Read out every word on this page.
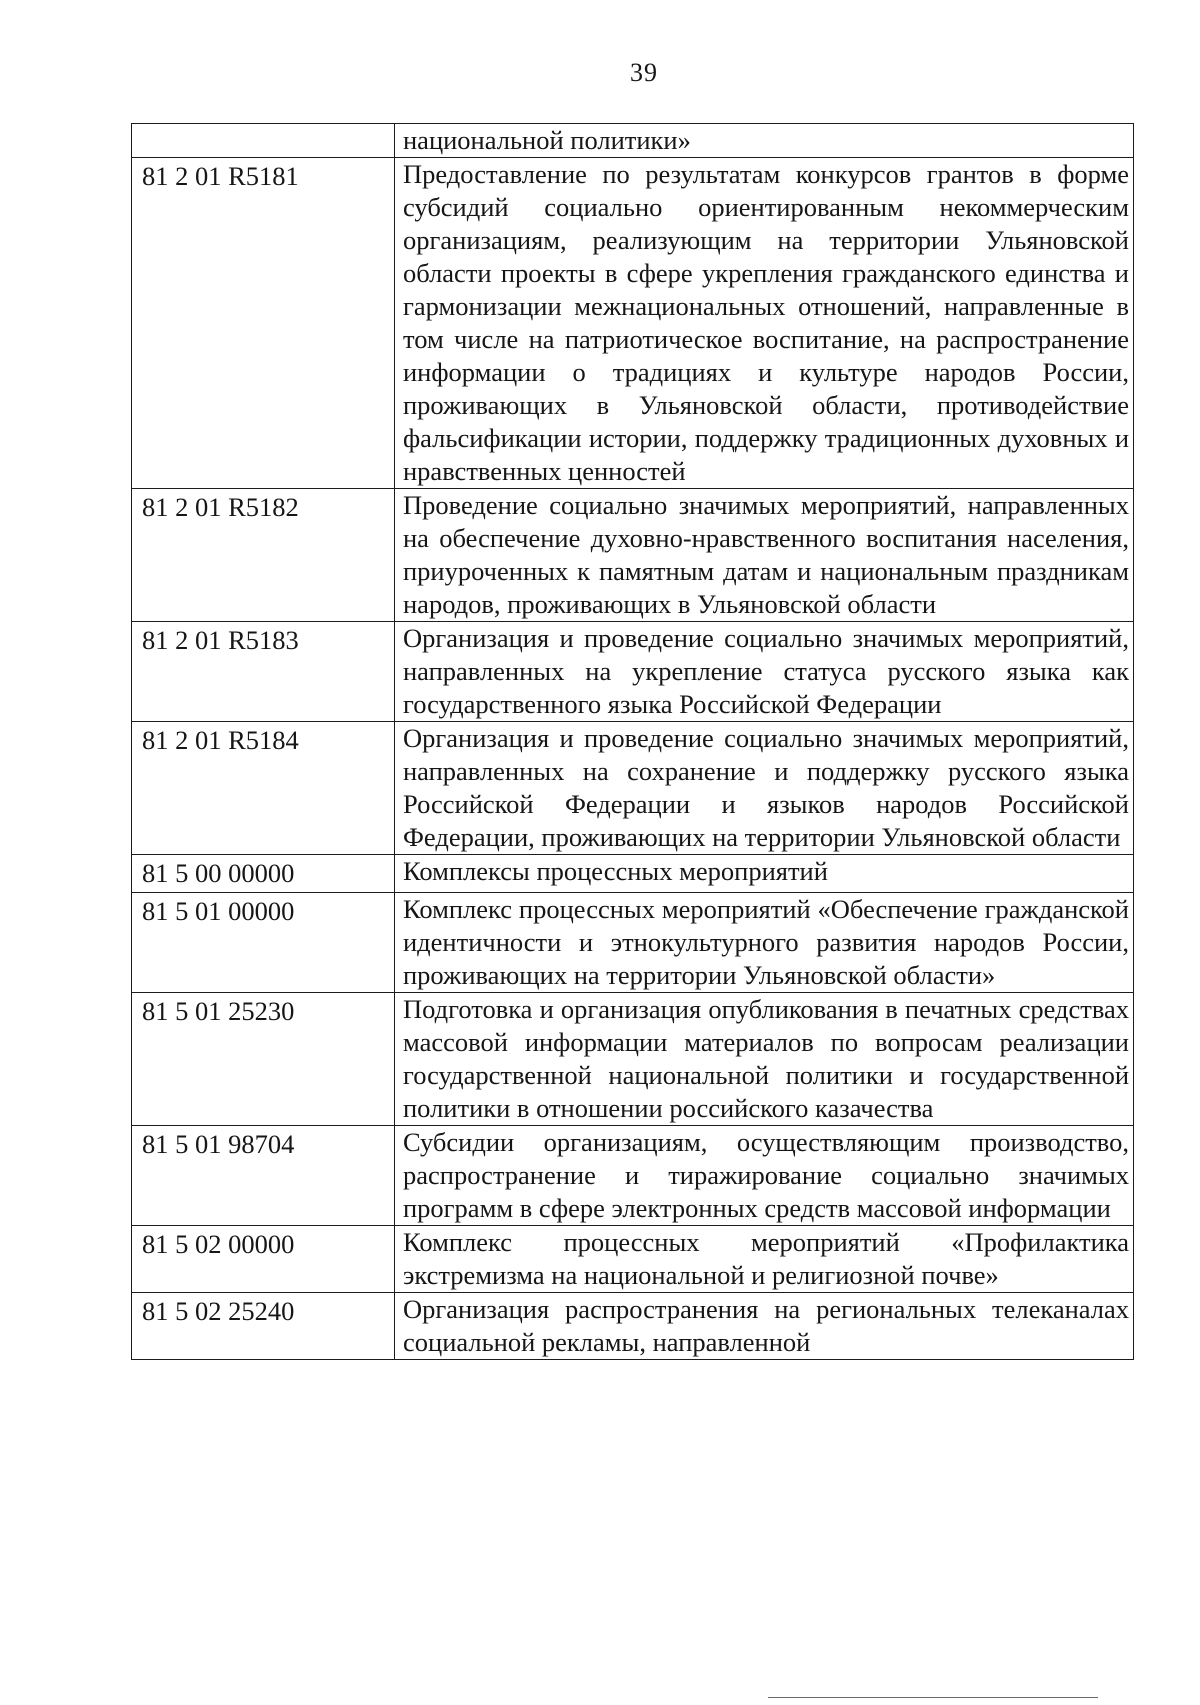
39
	национальной политики»
81 2 01 R5181	Предоставление по результатам конкурсов грантов в форме субсидий социально ориентированным некоммерческим организациям, реализующим на территории Ульяновской области проекты в сфере укрепления гражданского единства и гармонизации межнациональных отношений, направленные в том числе на патриотическое воспитание, на распространение информации о традициях и культуре народов России, проживающих в Ульяновской области, противодействие фальсификации истории, поддержку традиционных духовных и нравственных ценностей
81 2 01 R5182	Проведение социально значимых мероприятий, направленных на обеспечение духовно-нравственного воспитания населения, приуроченных к памятным датам и национальным праздникам народов, проживающих в Ульяновской области
81 2 01 R5183	Организация и проведение социально значимых мероприятий, направленных на укрепление статуса русского языка как государственного языка Российской Федерации
81 2 01 R5184	Организация и проведение социально значимых мероприятий, направленных на сохранение и поддержку русского языка Российской Федерации и языков народов Российской Федерации, проживающих на территории Ульяновской области
81 5 00 00000	Комплексы процессных мероприятий
81 5 01 00000	Комплекс процессных мероприятий «Обеспечение гражданской идентичности и этнокультурного развития народов России, проживающих на территории Ульяновской области»
81 5 01 25230	Подготовка и организация опубликования в печатных средствах массовой информации материалов по вопросам реализации государственной национальной политики и государственной политики в отношении российского казачества
81 5 01 98704	Субсидии организациям, осуществляющим производство, распространение и тиражирование социально значимых программ в сфере электронных средств массовой информации
81 5 02 00000	Комплекс процессных мероприятий «Профилактика экстремизма на национальной и религиозной почве»
81 5 02 25240	Организация распространения на региональных телеканалах социальной рекламы, направленной
